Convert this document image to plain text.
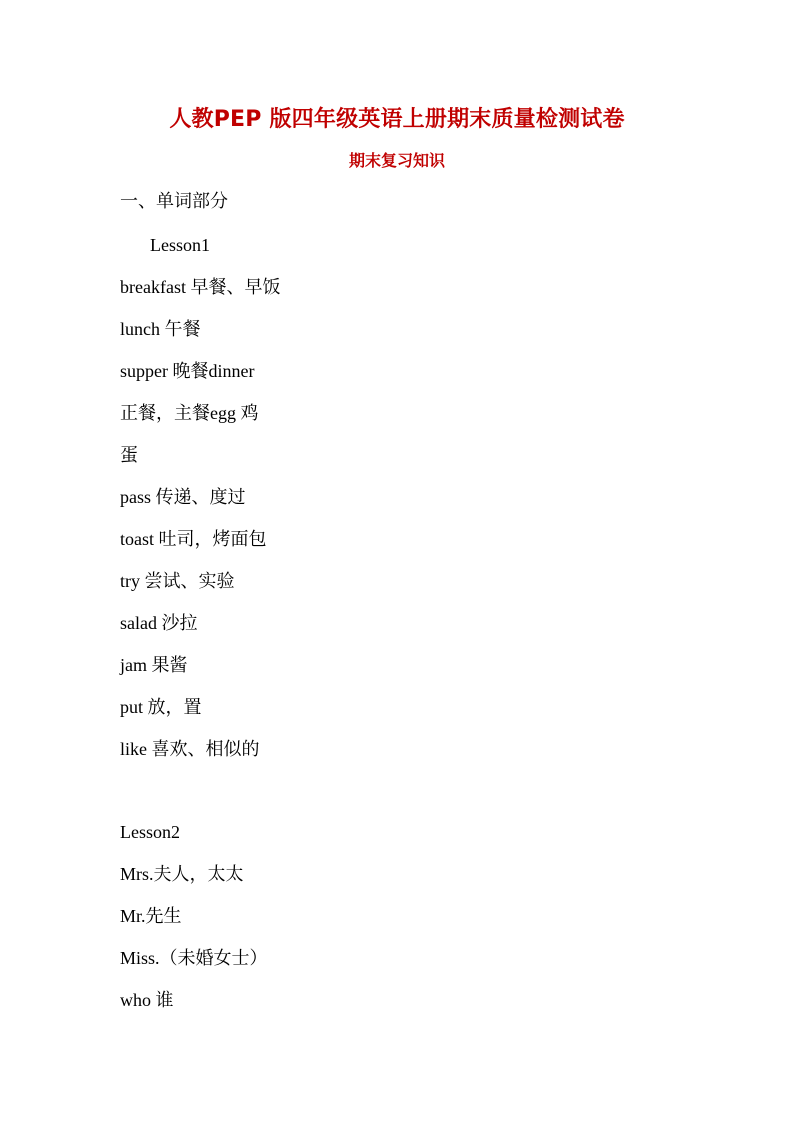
人教PEP 版四年级英语上册期末质量检测试卷
期末复习知识
一、单词部分
Lesson1
breakfast 早餐、早饭
lunch 午餐
supper 晚餐dinner
正餐，主餐egg 鸡
蛋
pass 传递、度过
toast 吐司，烤面包
try 尝试、实验
salad 沙拉
jam 果酱
put 放，置
like 喜欢、相似的
Lesson2
Mrs.夫人，太太
Mr.先生
Miss.（未婚女士）
who 谁
